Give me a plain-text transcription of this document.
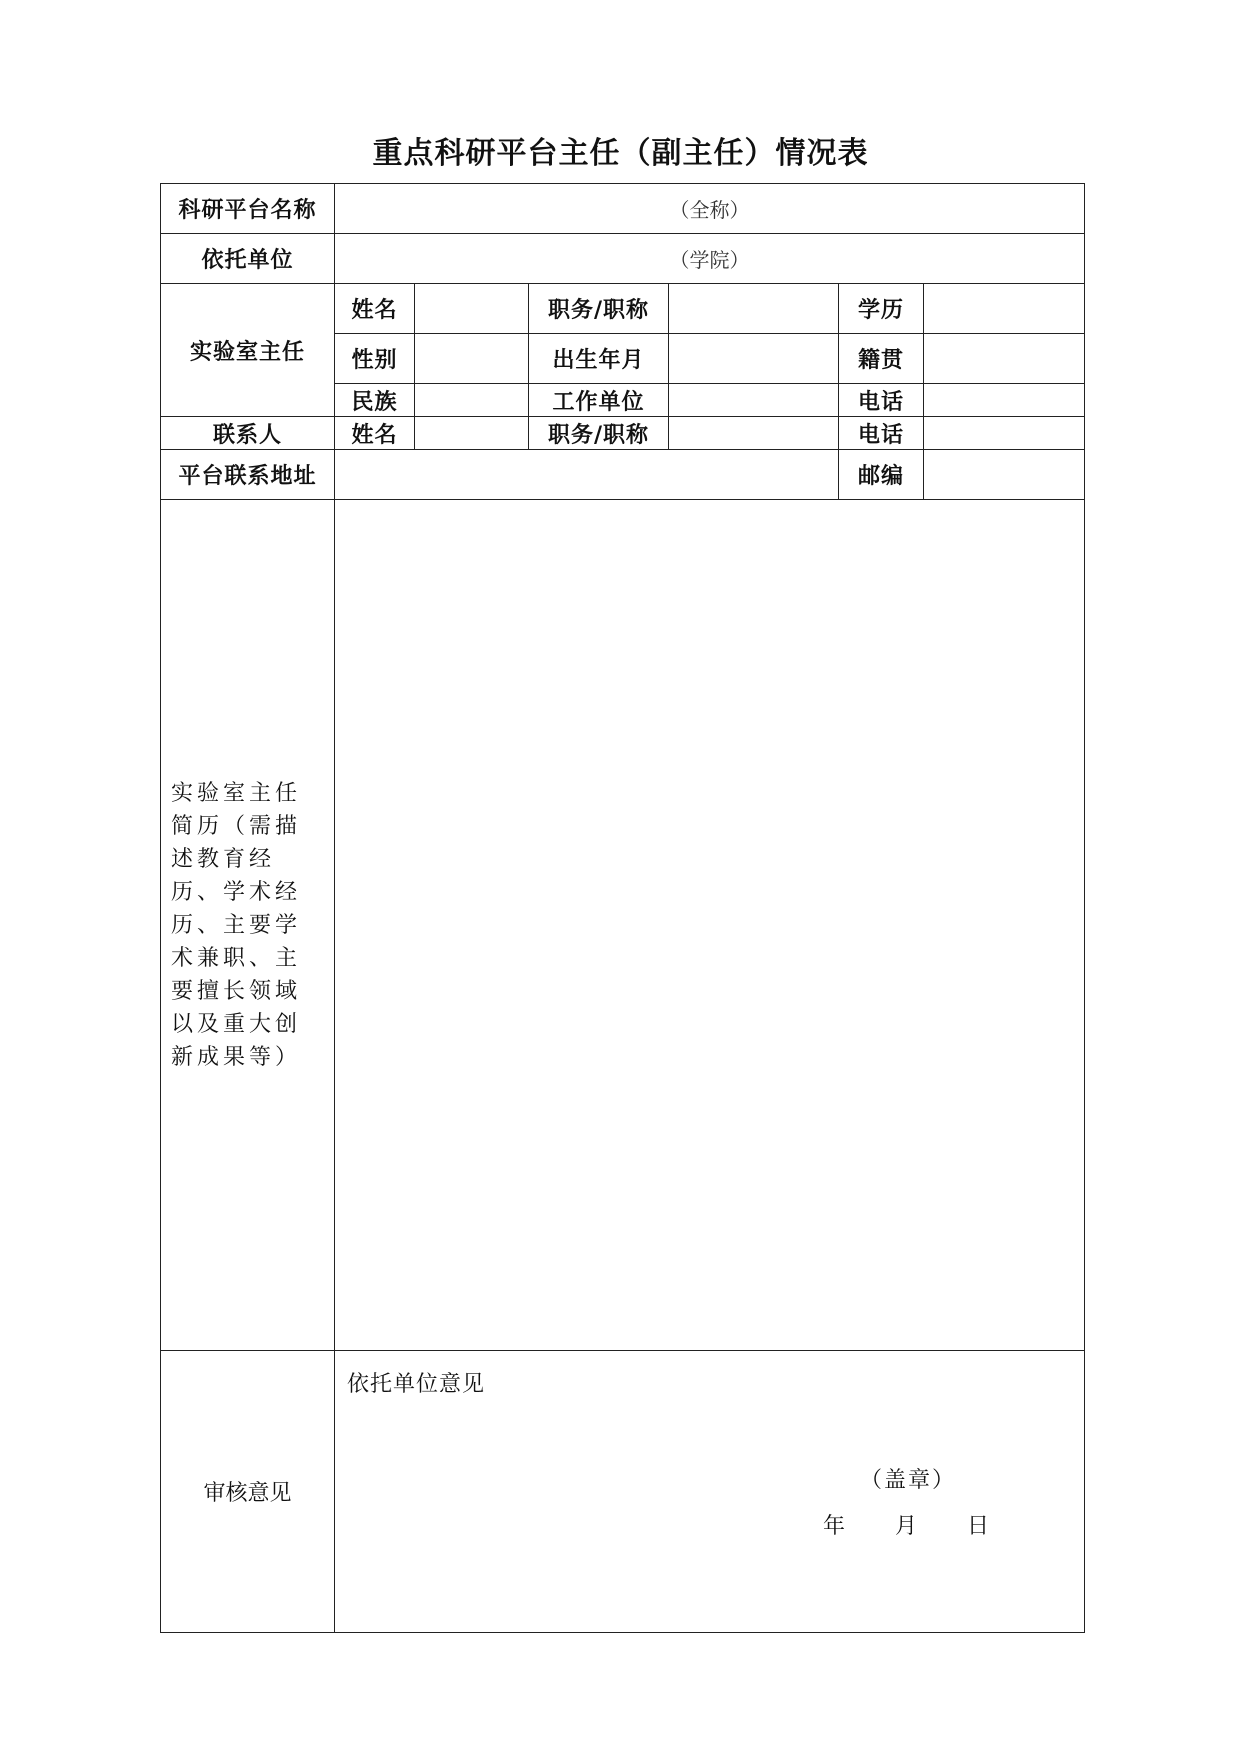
重点科研平台主任（副主任）情况表
科研平台名称	（全称）					
依托单位	（学院）					
实验室主任	姓名		职务/职称		学历	
	性别		出生年月		籍贯	
	民族		工作单位		电话	
联系人	姓名		职务/职称		电话	
平台联系地址					邮编	
实验室主任简历（需描述教育经历、学术经历、主要学术兼职、主要擅长领域以及重大创新成果等）						
审核意见	依托单位意见
（盖章）
年 月 日					
